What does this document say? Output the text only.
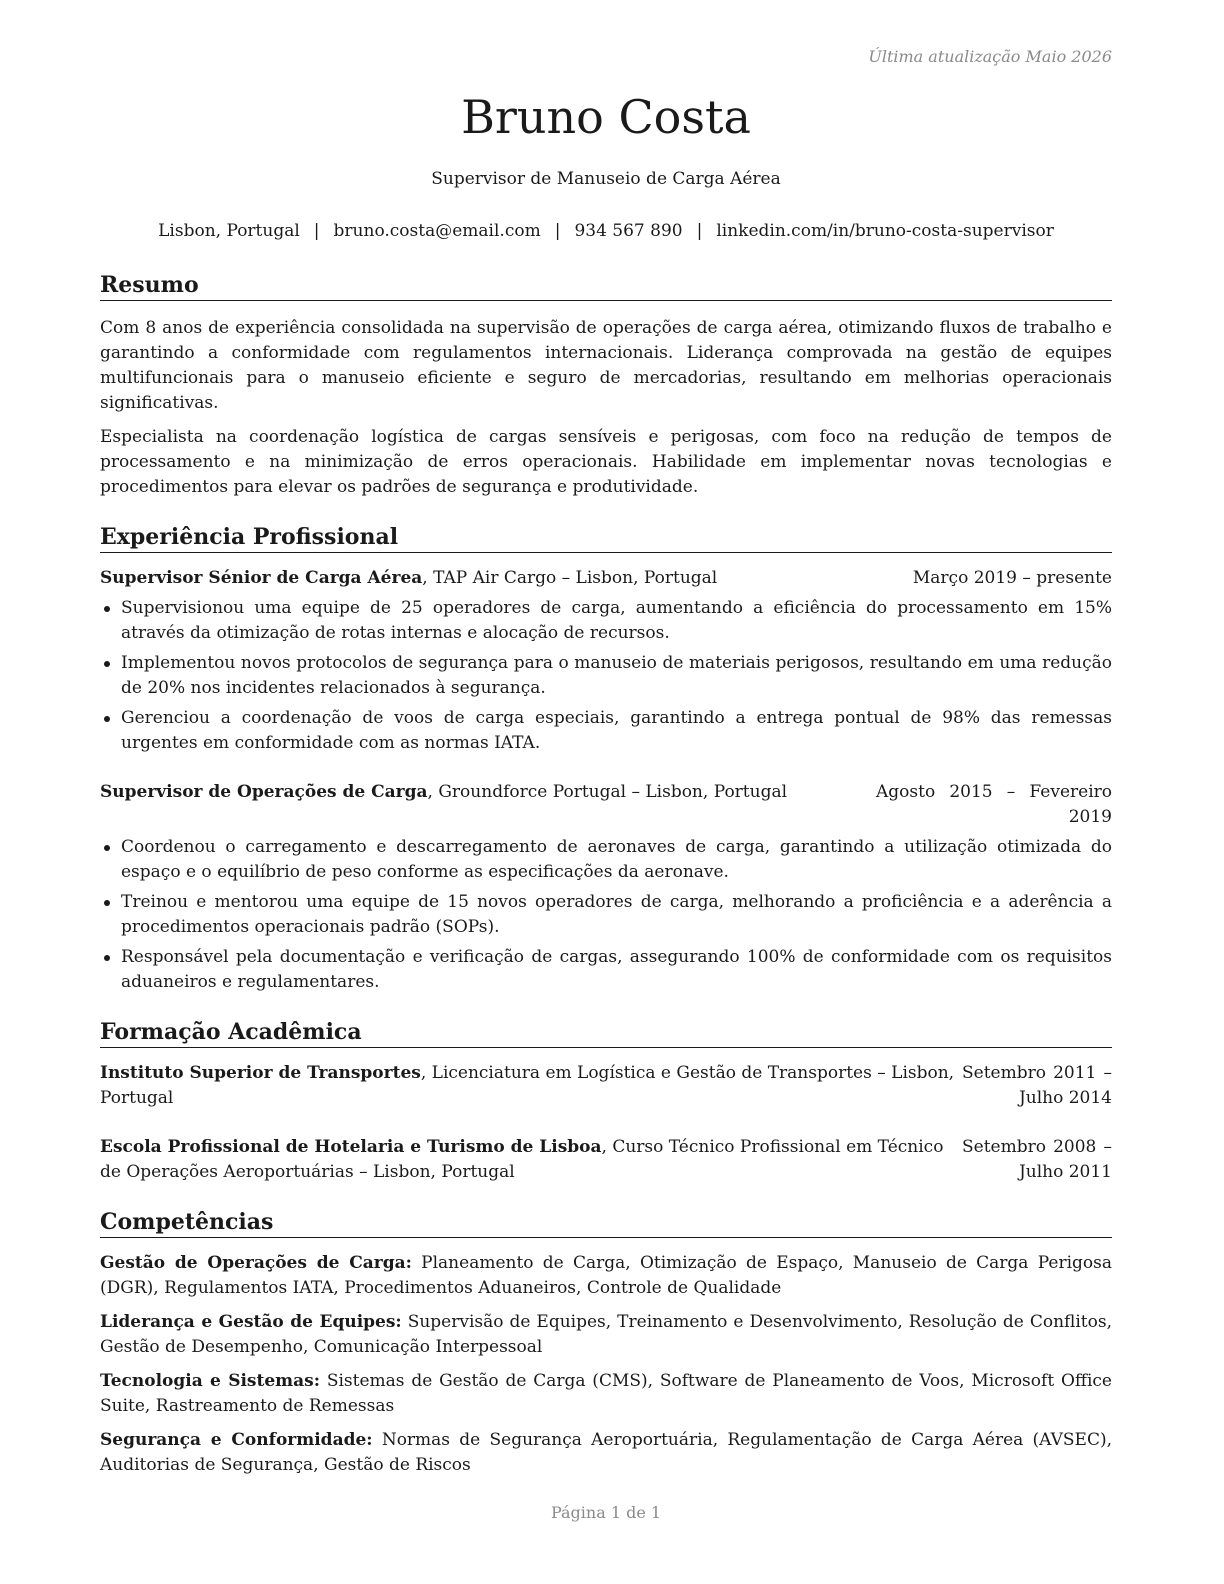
Última atualização Maio 2026
Bruno Costa
Supervisor de Manuseio de Carga Aérea
Lisbon, Portugal | bruno.costa@email.com | 934 567 890 | linkedin.com/in/bruno-costa-supervisor
Resumo

Com 8 anos de experiência consolidada na supervisão de operações de carga aérea, otimizando fluxos de trabalho e garantindo a conformidade com regulamentos internacionais. Liderança comprovada na gestão de equipes multifuncionais para o manuseio eficiente e seguro de mercadorias, resultando em melhorias operacionais significativas.

Especialista na coordenação logística de cargas sensíveis e perigosas, com foco na redução de tempos de processamento e na minimização de erros operacionais. Habilidade em implementar novas tecnologias e procedimentos para elevar os padrões de segurança e produtividade.

Experiência Profissional
Supervisor Sénior de Carga Aérea, TAP Air Cargo – Lisbon, Portugal	Março 2019 – presente
Supervisionou uma equipe de 25 operadores de carga, aumentando a eficiência do processamento em 15% através da otimização de rotas internas e alocação de recursos.
Implementou novos protocolos de segurança para o manuseio de materiais perigosos, resultando em uma redução de 20% nos incidentes relacionados à segurança.
Gerenciou a coordenação de voos de carga especiais, garantindo a entrega pontual de 98% das remessas urgentes em conformidade com as normas IATA.
Supervisor de Operações de Carga, Groundforce Portugal – Lisbon, Portugal	Agosto 2015 – Fevereiro 2019
Coordenou o carregamento e descarregamento de aeronaves de carga, garantindo a utilização otimizada do espaço e o equilíbrio de peso conforme as especificações da aeronave.
Treinou e mentorou uma equipe de 15 novos operadores de carga, melhorando a proficiência e a aderência a procedimentos operacionais padrão (SOPs).
Responsável pela documentação e verificação de cargas, assegurando 100% de conformidade com os requisitos aduaneiros e regulamentares.
Formação Acadêmica
Instituto Superior de Transportes, Licenciatura em Logística e Gestão de Transportes – Lisbon, Portugal
Setembro 2011 – Julho 2014
Escola Profissional de Hotelaria e Turismo de Lisboa, Curso Técnico Profissional em Técnico de Operações Aeroportuárias – Lisbon, Portugal
Setembro 2008 – Julho 2011
Competências

Gestão de Operações de Carga: Planeamento de Carga, Otimização de Espaço, Manuseio de Carga Perigosa (DGR), Regulamentos IATA, Procedimentos Aduaneiros, Controle de Qualidade

Liderança e Gestão de Equipes: Supervisão de Equipes, Treinamento e Desenvolvimento, Resolução de Conflitos, Gestão de Desempenho, Comunicação Interpessoal

Tecnologia e Sistemas: Sistemas de Gestão de Carga (CMS), Software de Planeamento de Voos, Microsoft Office Suite, Rastreamento de Remessas

Segurança e Conformidade: Normas de Segurança Aeroportuária, Regulamentação de Carga Aérea (AVSEC), Auditorias de Segurança, Gestão de Riscos

Página 1 de 1
